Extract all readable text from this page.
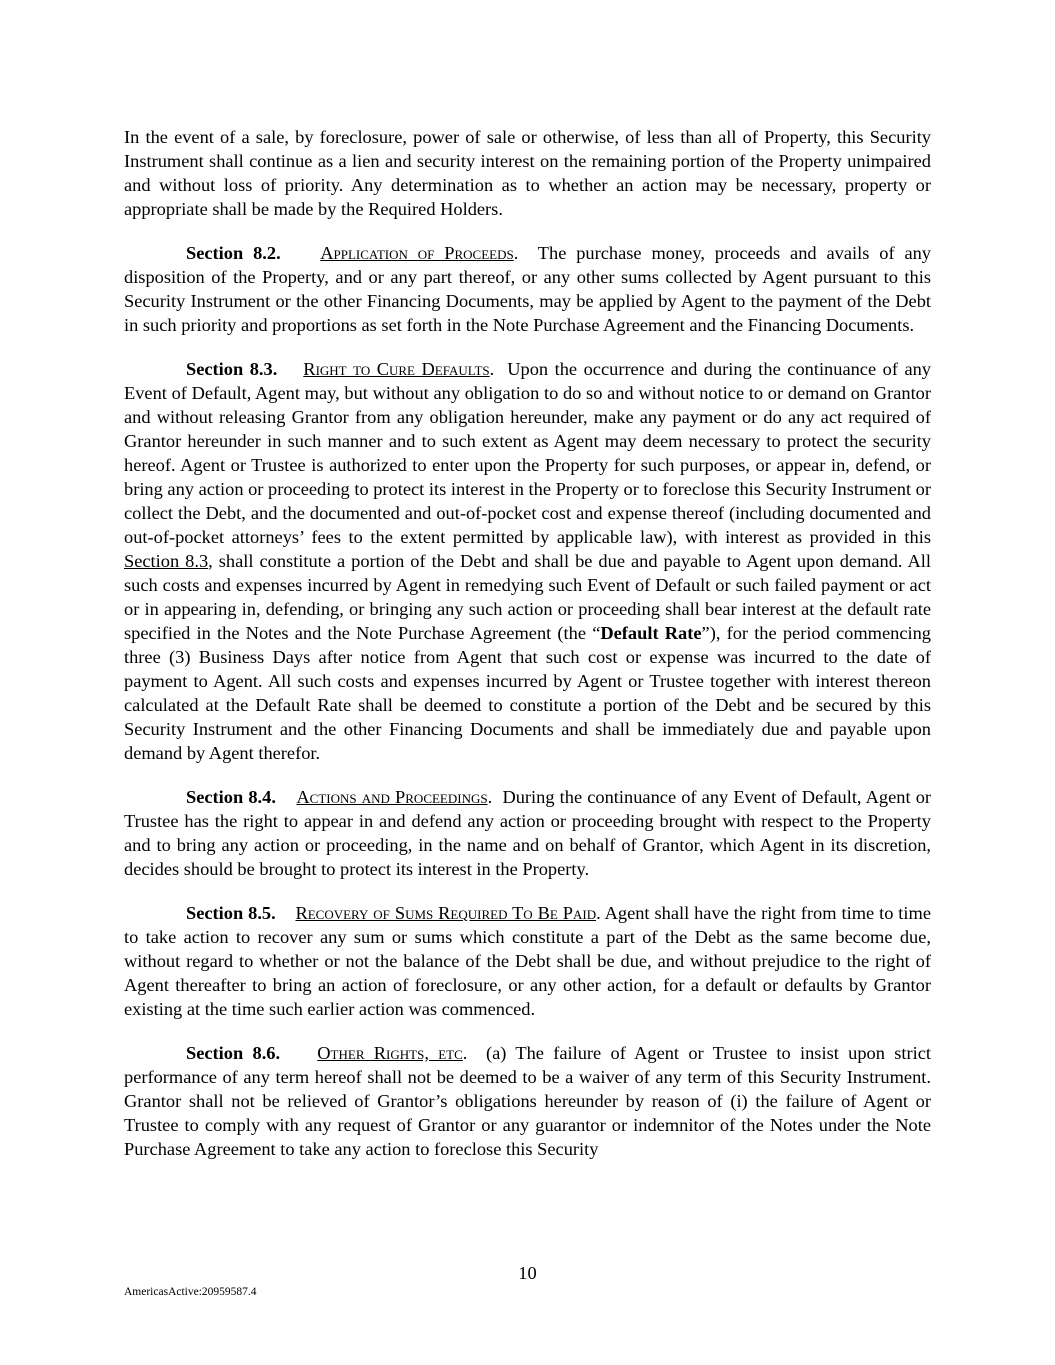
In the event of a sale, by foreclosure, power of sale or otherwise, of less than all of Property, this Security Instrument shall continue as a lien and security interest on the remaining portion of the Property unimpaired and without loss of priority. Any determination as to whether an action may be necessary, property or appropriate shall be made by the Required Holders.

Section 8.2. Application of Proceeds.  The purchase money, proceeds and avails of any disposition of the Property, and or any part thereof, or any other sums collected by Agent pursuant to this Security Instrument or the other Financing Documents, may be applied by Agent to the payment of the Debt in such priority and proportions as set forth in the Note Purchase Agreement and the Financing Documents.

Section 8.3. Right to Cure Defaults.  Upon the occurrence and during the continuance of any Event of Default, Agent may, but without any obligation to do so and without notice to or demand on Grantor and without releasing Grantor from any obligation hereunder, make any payment or do any act required of Grantor hereunder in such manner and to such extent as Agent may deem necessary to protect the security hereof. Agent or Trustee is authorized to enter upon the Property for such purposes, or appear in, defend, or bring any action or proceeding to protect its interest in the Property or to foreclose this Security Instrument or collect the Debt, and the documented and out-of-pocket cost and expense thereof (including documented and out-of-pocket attorneys’ fees to the extent permitted by applicable law), with interest as provided in this Section 8.3, shall constitute a portion of the Debt and shall be due and payable to Agent upon demand. All such costs and expenses incurred by Agent in remedying such Event of Default or such failed payment or act or in appearing in, defending, or bringing any such action or proceeding shall bear interest at the default rate specified in the Notes and the Note Purchase Agreement (the “Default Rate”), for the period commencing three (3) Business Days after notice from Agent that such cost or expense was incurred to the date of payment to Agent. All such costs and expenses incurred by Agent or Trustee together with interest thereon calculated at the Default Rate shall be deemed to constitute a portion of the Debt and be secured by this Security Instrument and the other Financing Documents and shall be immediately due and payable upon demand by Agent therefor.

Section 8.4. Actions and Proceedings.  During the continuance of any Event of Default, Agent or Trustee has the right to appear in and defend any action or proceeding brought with respect to the Property and to bring any action or proceeding, in the name and on behalf of Grantor, which Agent in its discretion, decides should be brought to protect its interest in the Property.

Section 8.5. Recovery of Sums Required To Be Paid. Agent shall have the right from time to time to take action to recover any sum or sums which constitute a part of the Debt as the same become due, without regard to whether or not the balance of the Debt shall be due, and without prejudice to the right of Agent thereafter to bring an action of foreclosure, or any other action, for a default or defaults by Grantor existing at the time such earlier action was commenced.

Section 8.6. Other Rights, etc.  (a) The failure of Agent or Trustee to insist upon strict performance of any term hereof shall not be deemed to be a waiver of any term of this Security Instrument. Grantor shall not be relieved of Grantor’s obligations hereunder by reason of (i) the failure of Agent or Trustee to comply with any request of Grantor or any guarantor or indemnitor of the Notes under the Note Purchase Agreement to take any action to foreclose this Security

10
AmericasActive:20959587.4
